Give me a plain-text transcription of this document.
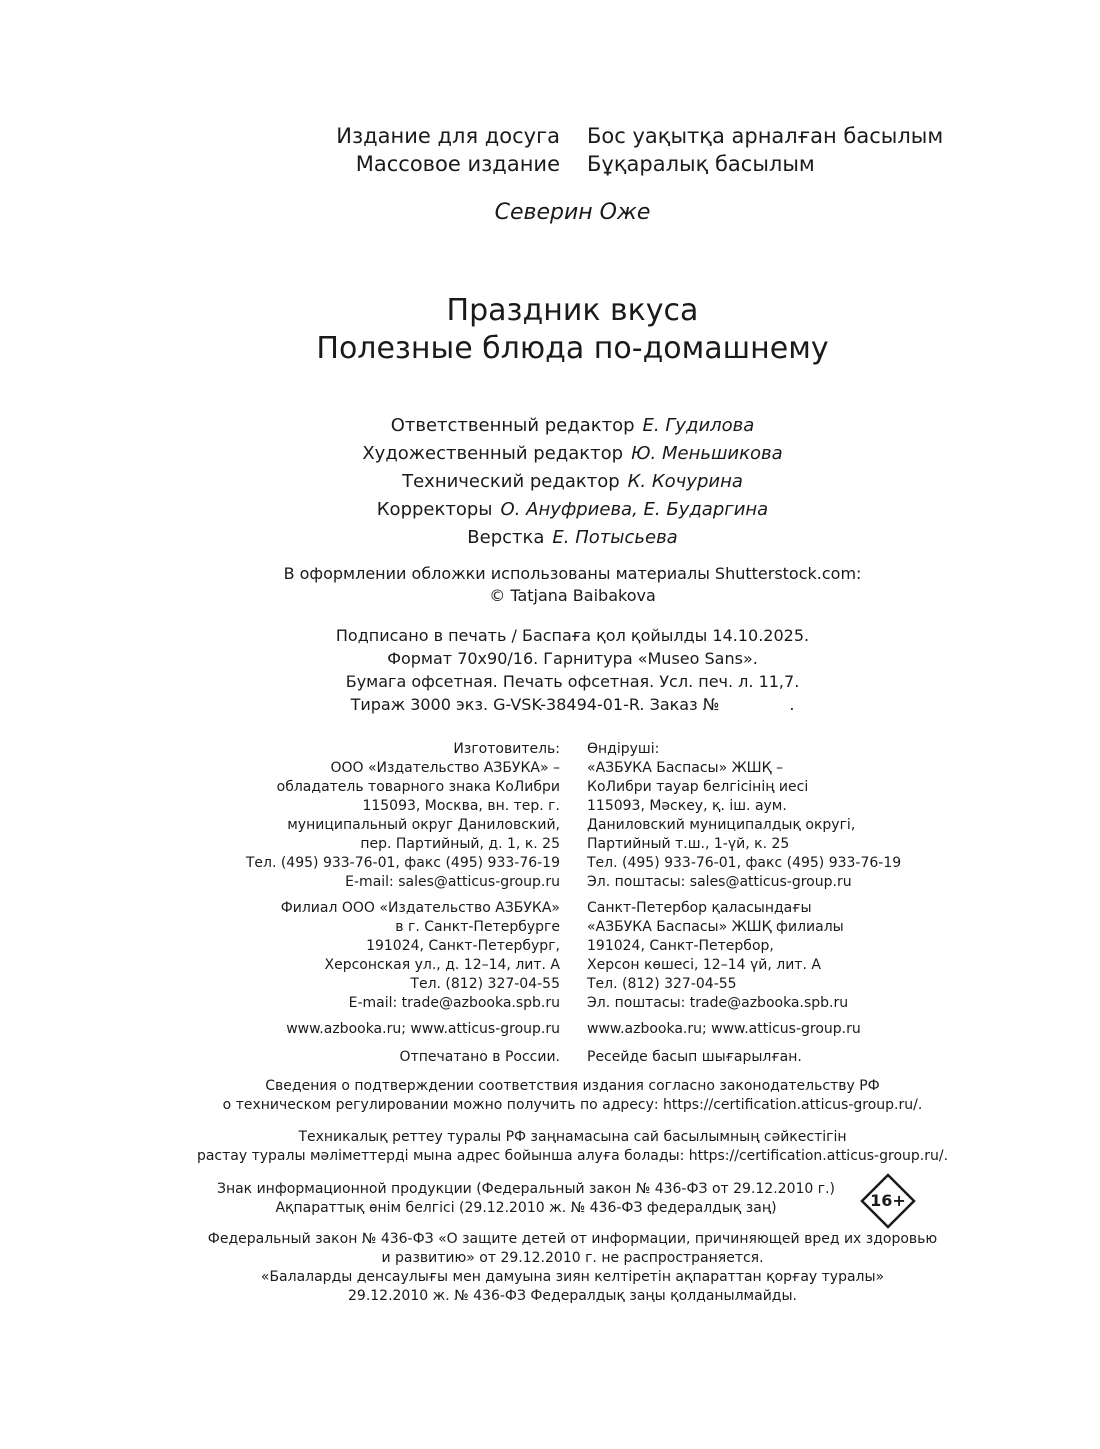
Издание для досуга
Массовое издание
Бос уақытқа арналған басылым
Бұқаралық басылым
Северин Оже
Праздник вкуса
Полезные блюда по-домашнему
Ответственный редактор Е. Гудилова
Художественный редактор Ю. Меньшикова
Технический редактор К. Кочурина
Корректоры О. Ануфриева, Е. Бударгина
Верстка Е. Потысьева
В оформлении обложки использованы материалы Shutterstock.com:
© Tatjana Baibakova
Подписано в печать / Баспаға қол қойылды 14.10.2025.
Формат 70x90/16. Гарнитура «Museo Sans».
Бумага офсетная. Печать офсетная. Усл. печ. л. 11,7.
Тираж 3000 экз. G-VSK-38494-01-R. Заказ №	.
Изготовитель:
ООО «Издательство АЗБУКА» –
обладатель товарного знака КоЛибри
115093, Москва, вн. тер. г.
муниципальный округ Даниловский,
пер. Партийный, д. 1, к. 25
Тел. (495) 933-76-01, факс (495) 933-76-19
E-mail: sales@atticus-group.ru
Өндіруші:
«АЗБУКА Баспасы» ЖШҚ –
КоЛибри тауар белгісінің иесі
115093, Мәскеу, қ. іш. аум.
Даниловский муниципалдық округі,
Партийный т.ш., 1-үй, к. 25
Тел. (495) 933-76-01, факс (495) 933-76-19
Эл. поштасы: sales@atticus-group.ru
Филиал ООО «Издательство АЗБУКА»
в г. Санкт-Петербурге
191024, Санкт-Петербург,
Херсонская ул., д. 12–14, лит. А
Тел. (812) 327-04-55
E-mail: trade@azbooka.spb.ru
Санкт-Петербор қаласындағы
«АЗБУКА Баспасы» ЖШҚ филиалы
191024, Санкт-Петербор,
Херсон көшесі, 12–14 үй, лит. А
Тел. (812) 327-04-55
Эл. поштасы: trade@azbooka.spb.ru
www.azbooka.ru; www.atticus-group.ru www.azbooka.ru; www.atticus-group.ru
Отпечатано в России. Ресейде басып шығарылған.
Сведения о подтверждении соответствия издания согласно законодательству РФ
о техническом регулировании можно получить по адресу: https://certification.atticus-group.ru/.
Техникалық реттеу туралы РФ заңнамасына сай басылымның сәйкестігін
растау туралы мәліметтерді мына адрес бойынша алуға болады: https://certification.atticus-group.ru/.
Знак информационной продукции (Федеральный закон № 436-ФЗ от 29.12.2010 г.)
Ақпараттық өнім белгісі (29.12.2010 ж. № 436-ФЗ федералдық заң)	16+
Федеральный закон № 436-ФЗ «О защите детей от информации, причиняющей вред их здоровью
и развитию» от 29.12.2010 г. не распространяется.
«Балаларды денсаулығы мен дамуына зиян келтіретін ақпараттан қорғау туралы»
29.12.2010 ж. № 436-ФЗ Федералдық заңы қолданылмайды.
